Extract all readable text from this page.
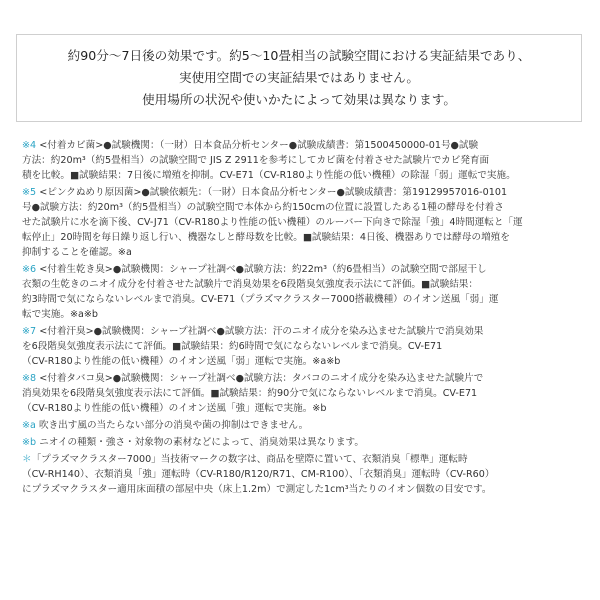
約90分〜7日後の効果です。約5〜10畳相当の試験空間における実証結果であり、
実使用空間での実証結果ではありません。
使用場所の状況や使いかたによって効果は異なります。
※4 <付着カビ菌>●試験機関：（一財）日本食品分析センター●試験成績書：第1500450000-01号●試験
方法：約20m³（約5畳相当）の試験空間で JIS Z 2911を参考にしてカビ菌を付着させた試験片でカビ発育面
積を比較。■試験結果：7日後に増殖を抑制。CV-E71（CV-R180より性能の低い機種）の除湿「弱」運転で実施。
※5 <ピンクぬめり原因菌>●試験依頼先：（一財）日本食品分析センター●試験成績書：第19129957016-0101
号●試験方法：約20m³（約5畳相当）の試験空間で本体から約150cmの位置に設置したある1種の酵母を付着さ
せた試験片に水を滴下後、CV-J71（CV-R180より性能の低い機種）のルーバー下向きで除湿「強」4時間運転と「運
転停止」20時間を毎日繰り返し行い、機器なしと酵母数を比較。■試験結果：4日後、機器ありでは酵母の増殖を
抑制することを確認。※a
※6 <付着生乾き臭>●試験機関：シャープ社調べ●試験方法：約22m³（約6畳相当）の試験空間で部屋干し
衣類の生乾きのニオイ成分を付着させた試験片で消臭効果を6段階臭気強度表示法にて評価。■試験結果：
約3時間で気にならないレベルまで消臭。CV-E71（プラズマクラスター7000搭載機種）のイオン送風「弱」運
転で実施。※a※b
※7 <付着汗臭>●試験機関：シャープ社調べ●試験方法：汗のニオイ成分を染み込ませた試験片で消臭効果
を6段階臭気強度表示法にて評価。■試験結果：約6時間で気にならないレベルまで消臭。CV-E71
（CV-R180より性能の低い機種）のイオン送風「弱」運転で実施。※a※b
※8 <付着タバコ臭>●試験機関：シャープ社調べ●試験方法：タバコのニオイ成分を染み込ませた試験片で
消臭効果を6段階臭気強度表示法にて評価。■試験結果：約90分で気にならないレベルまで消臭。CV-E71
（CV-R180より性能の低い機種）のイオン送風「強」運転で実施。※b
※a 吹き出す風の当たらない部分の消臭や菌の抑制はできません。
※b ニオイの種類・強さ・対象物の素材などによって、消臭効果は異なります。
＊「プラズマクラスター7000」当技術マークの数字は、商品を壁際に置いて、衣類消臭「標準」運転時
（CV-RH140）、衣類消臭「強」運転時（CV-R180/R120/R71、CM-R100）、「衣類消臭」運転時（CV-R60）
にプラズマクラスター適用床面積の部屋中央（床上1.2m）で測定した1cm³当たりのイオン個数の目安です。
